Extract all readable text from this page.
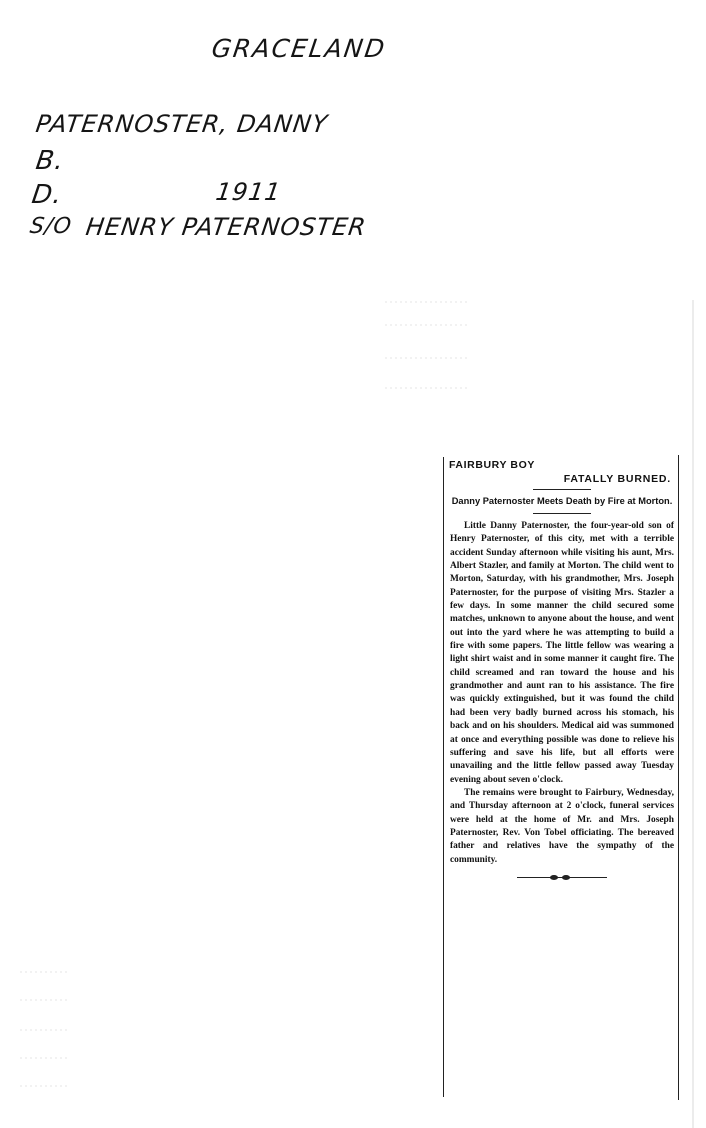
GRACELAND
PATERNOSTER, DANNY
B.
D.	1911
S/O HENRY PATERNOSTER

FAIRBURY BOY

FATALLY BURNED.

Danny Paternoster Meets Death by Fire at Morton.

Little Danny Paternoster, the four-year-old son of Henry Paternoster, of this city, met with a terrible accident Sunday afternoon while visiting his aunt, Mrs. Albert Stazler, and family at Morton. The child went to Morton, Saturday, with his grandmother, Mrs. Joseph Paternoster, for the purpose of visiting Mrs. Stazler a few days. In some manner the child secured some matches, unknown to anyone about the house, and went out into the yard where he was attempting to build a fire with some papers. The little fellow was wearing a light shirt waist and in some manner it caught fire. The child screamed and ran toward the house and his grandmother and aunt ran to his assistance. The fire was quickly extinguished, but it was found the child had been very badly burned across his stomach, his back and on his shoulders. Medical aid was summoned at once and everything possible was done to relieve his suffering and save his life, but all efforts were unavailing and the little fellow passed away Tuesday evening about seven o'clock.

The remains were brought to Fairbury, Wednesday, and Thursday afternoon at 2 o'clock, funeral services were held at the home of Mr. and Mrs. Joseph Paternoster, Rev. Von Tobel officiating. The bereaved father and relatives have the sympathy of the community.
